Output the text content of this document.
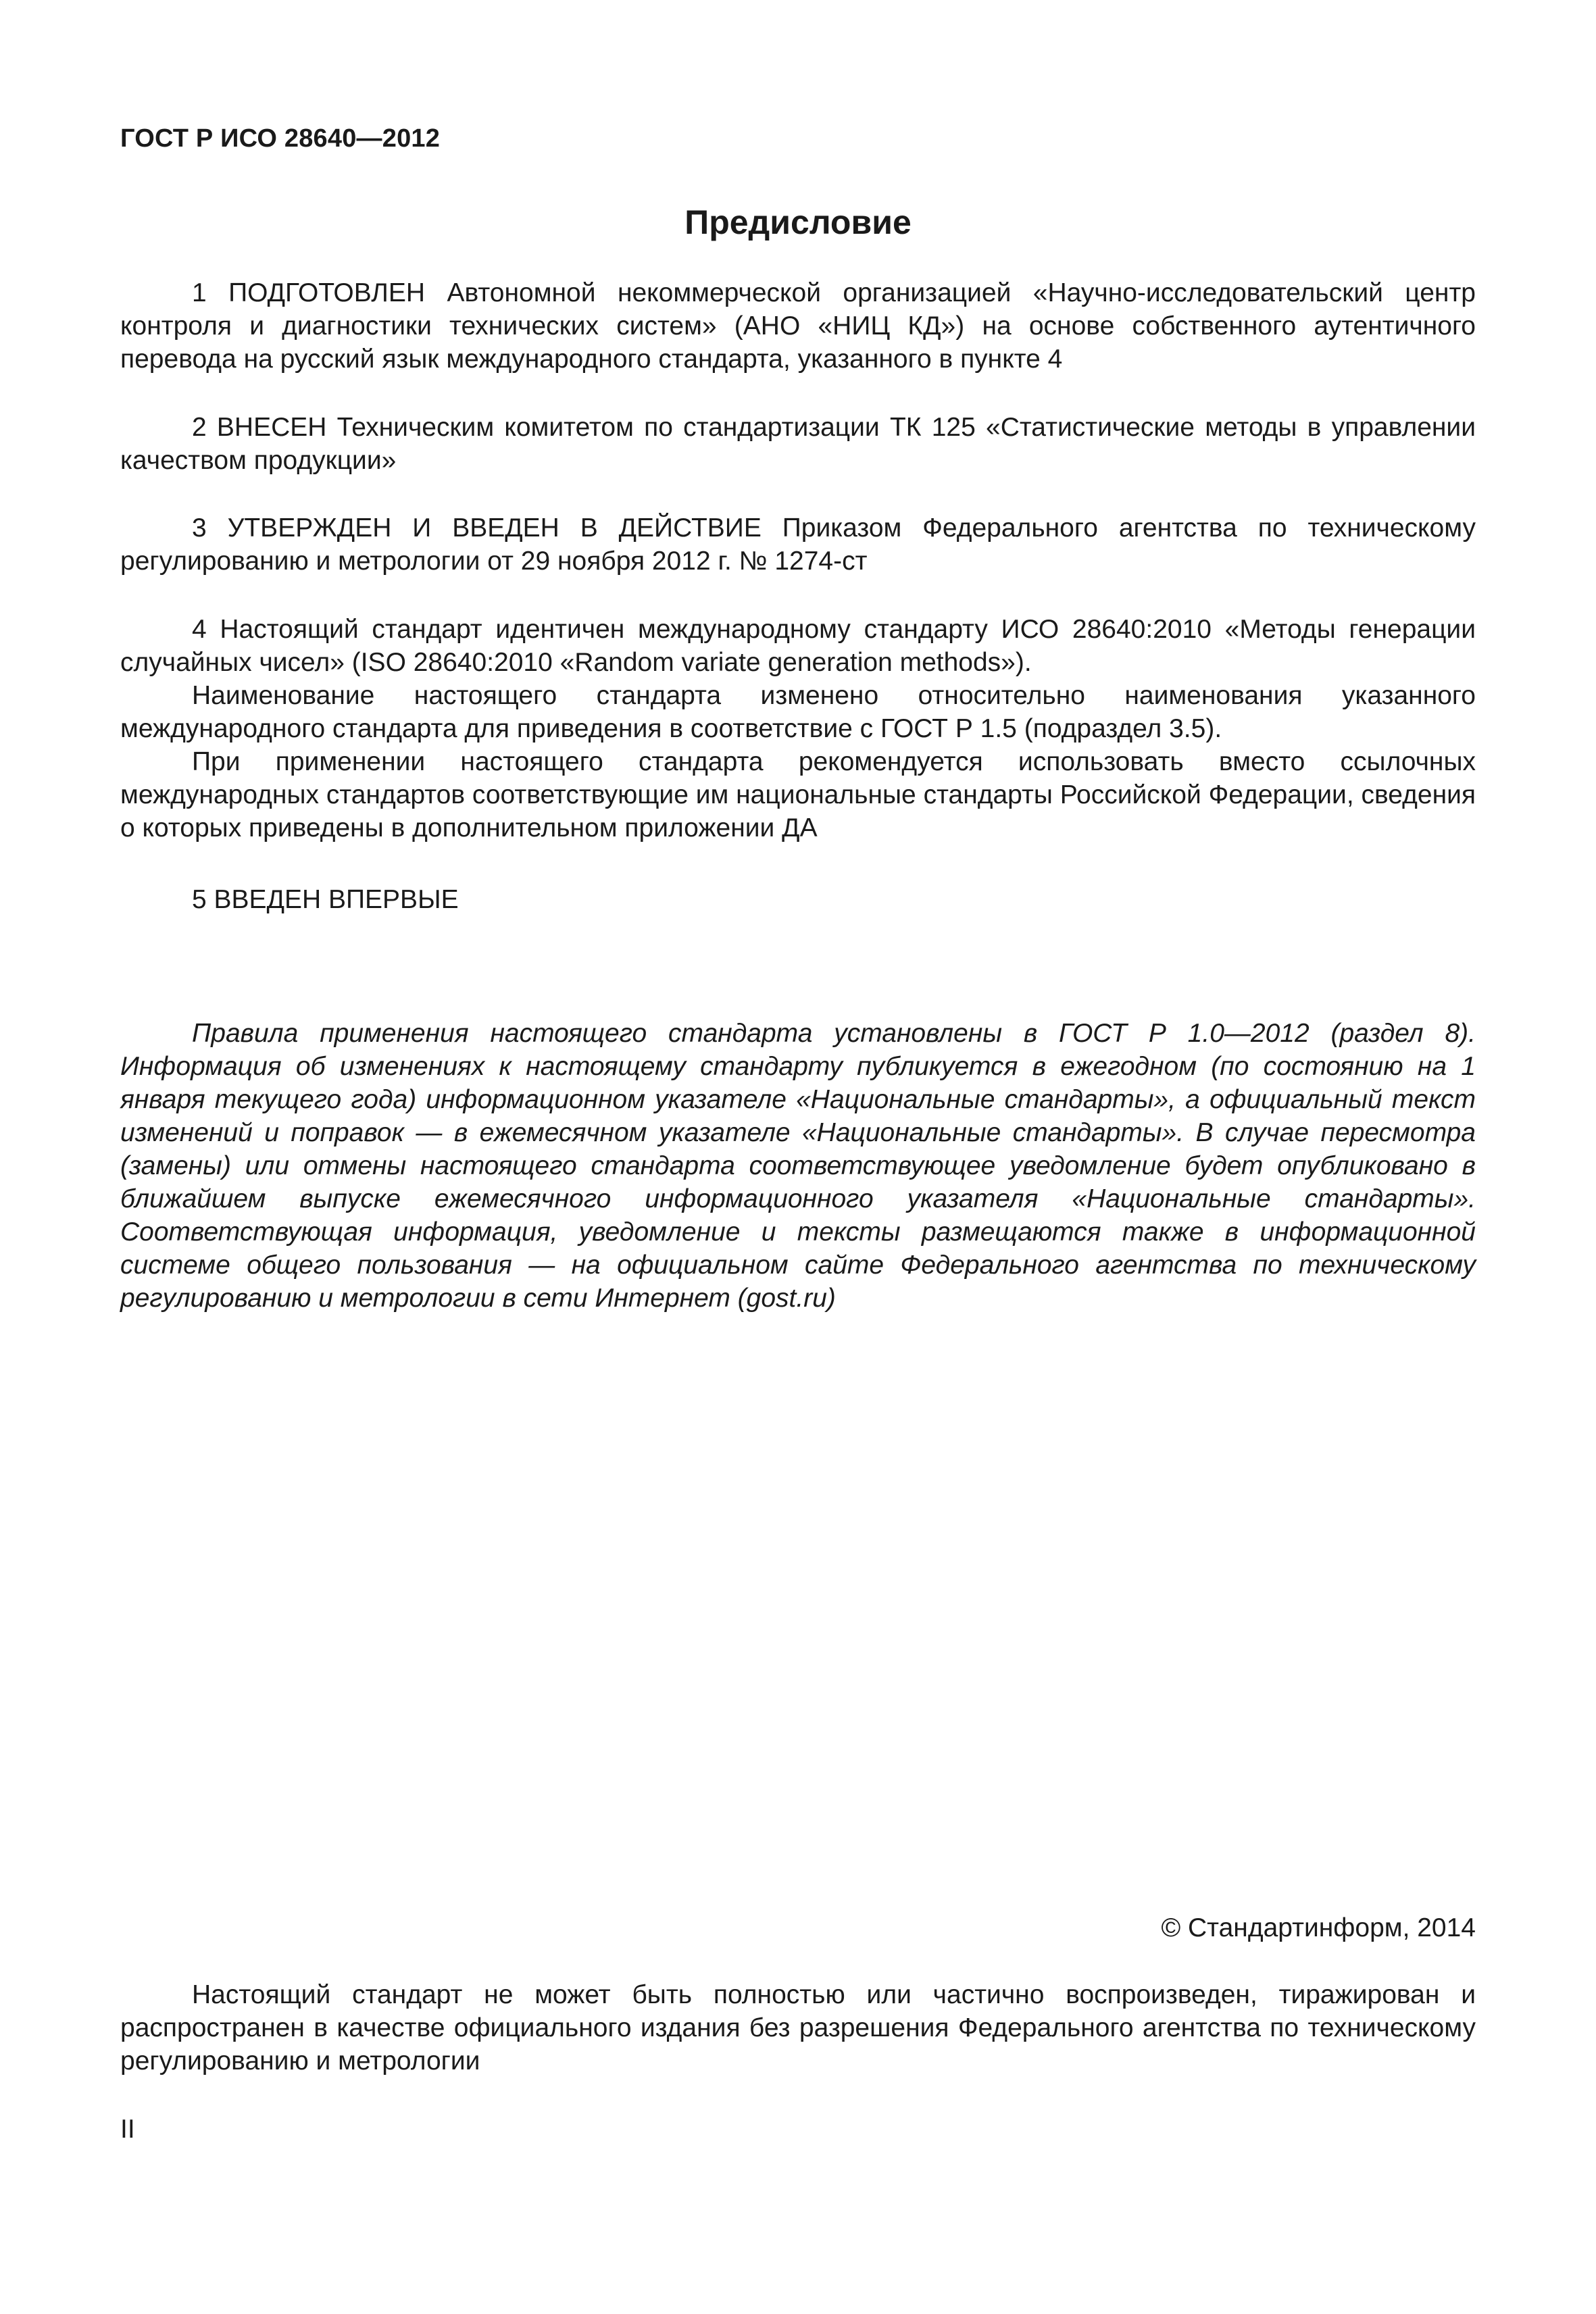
ГОСТ Р ИСО 28640—2012
Предисловие

1 ПОДГОТОВЛЕН Автономной некоммерческой организацией «Научно-исследовательский центр контроля и диагностики технических систем» (АНО «НИЦ КД») на основе собственного аутентичного перевода на русский язык международного стандарта, указанного в пункте 4

2 ВНЕСЕН Техническим комитетом по стандартизации ТК 125 «Статистические методы в управлении качеством продукции»

3 УТВЕРЖДЕН И ВВЕДЕН В ДЕЙСТВИЕ Приказом Федерального агентства по техническому регулированию и метрологии от 29 ноября 2012 г. № 1274-ст

4 Настоящий стандарт идентичен международному стандарту ИСО 28640:2010 «Методы генерации случайных чисел» (ISO 28640:2010 «Random variate generation methods»).

Наименование настоящего стандарта изменено относительно наименования указанного международного стандарта для приведения в соответствие с ГОСТ Р 1.5 (подраздел 3.5).

При применении настоящего стандарта рекомендуется использовать вместо ссылочных международных стандартов соответствующие им национальные стандарты Российской Федерации, сведения о которых приведены в дополнительном приложении ДА

5 ВВЕДЕН ВПЕРВЫЕ

Правила применения настоящего стандарта установлены в ГОСТ Р 1.0—2012 (раздел 8). Информация об изменениях к настоящему стандарту публикуется в ежегодном (по состоянию на 1 января текущего года) информационном указателе «Национальные стандарты», а официальный текст изменений и поправок — в ежемесячном указателе «Национальные стандарты». В случае пересмотра (замены) или отмены настоящего стандарта соответствующее уведомление будет опубликовано в ближайшем выпуске ежемесячного информационного указателя «Национальные стандарты». Соответствующая информация, уведомление и тексты размещаются также в информационной системе общего пользования — на официальном сайте Федерального агентства по техническому регулированию и метрологии в сети Интернет (gost.ru)

© Стандартинформ, 2014

Настоящий стандарт не может быть полностью или частично воспроизведен, тиражирован и распространен в качестве официального издания без разрешения Федерального агентства по техническому регулированию и метрологии

II
